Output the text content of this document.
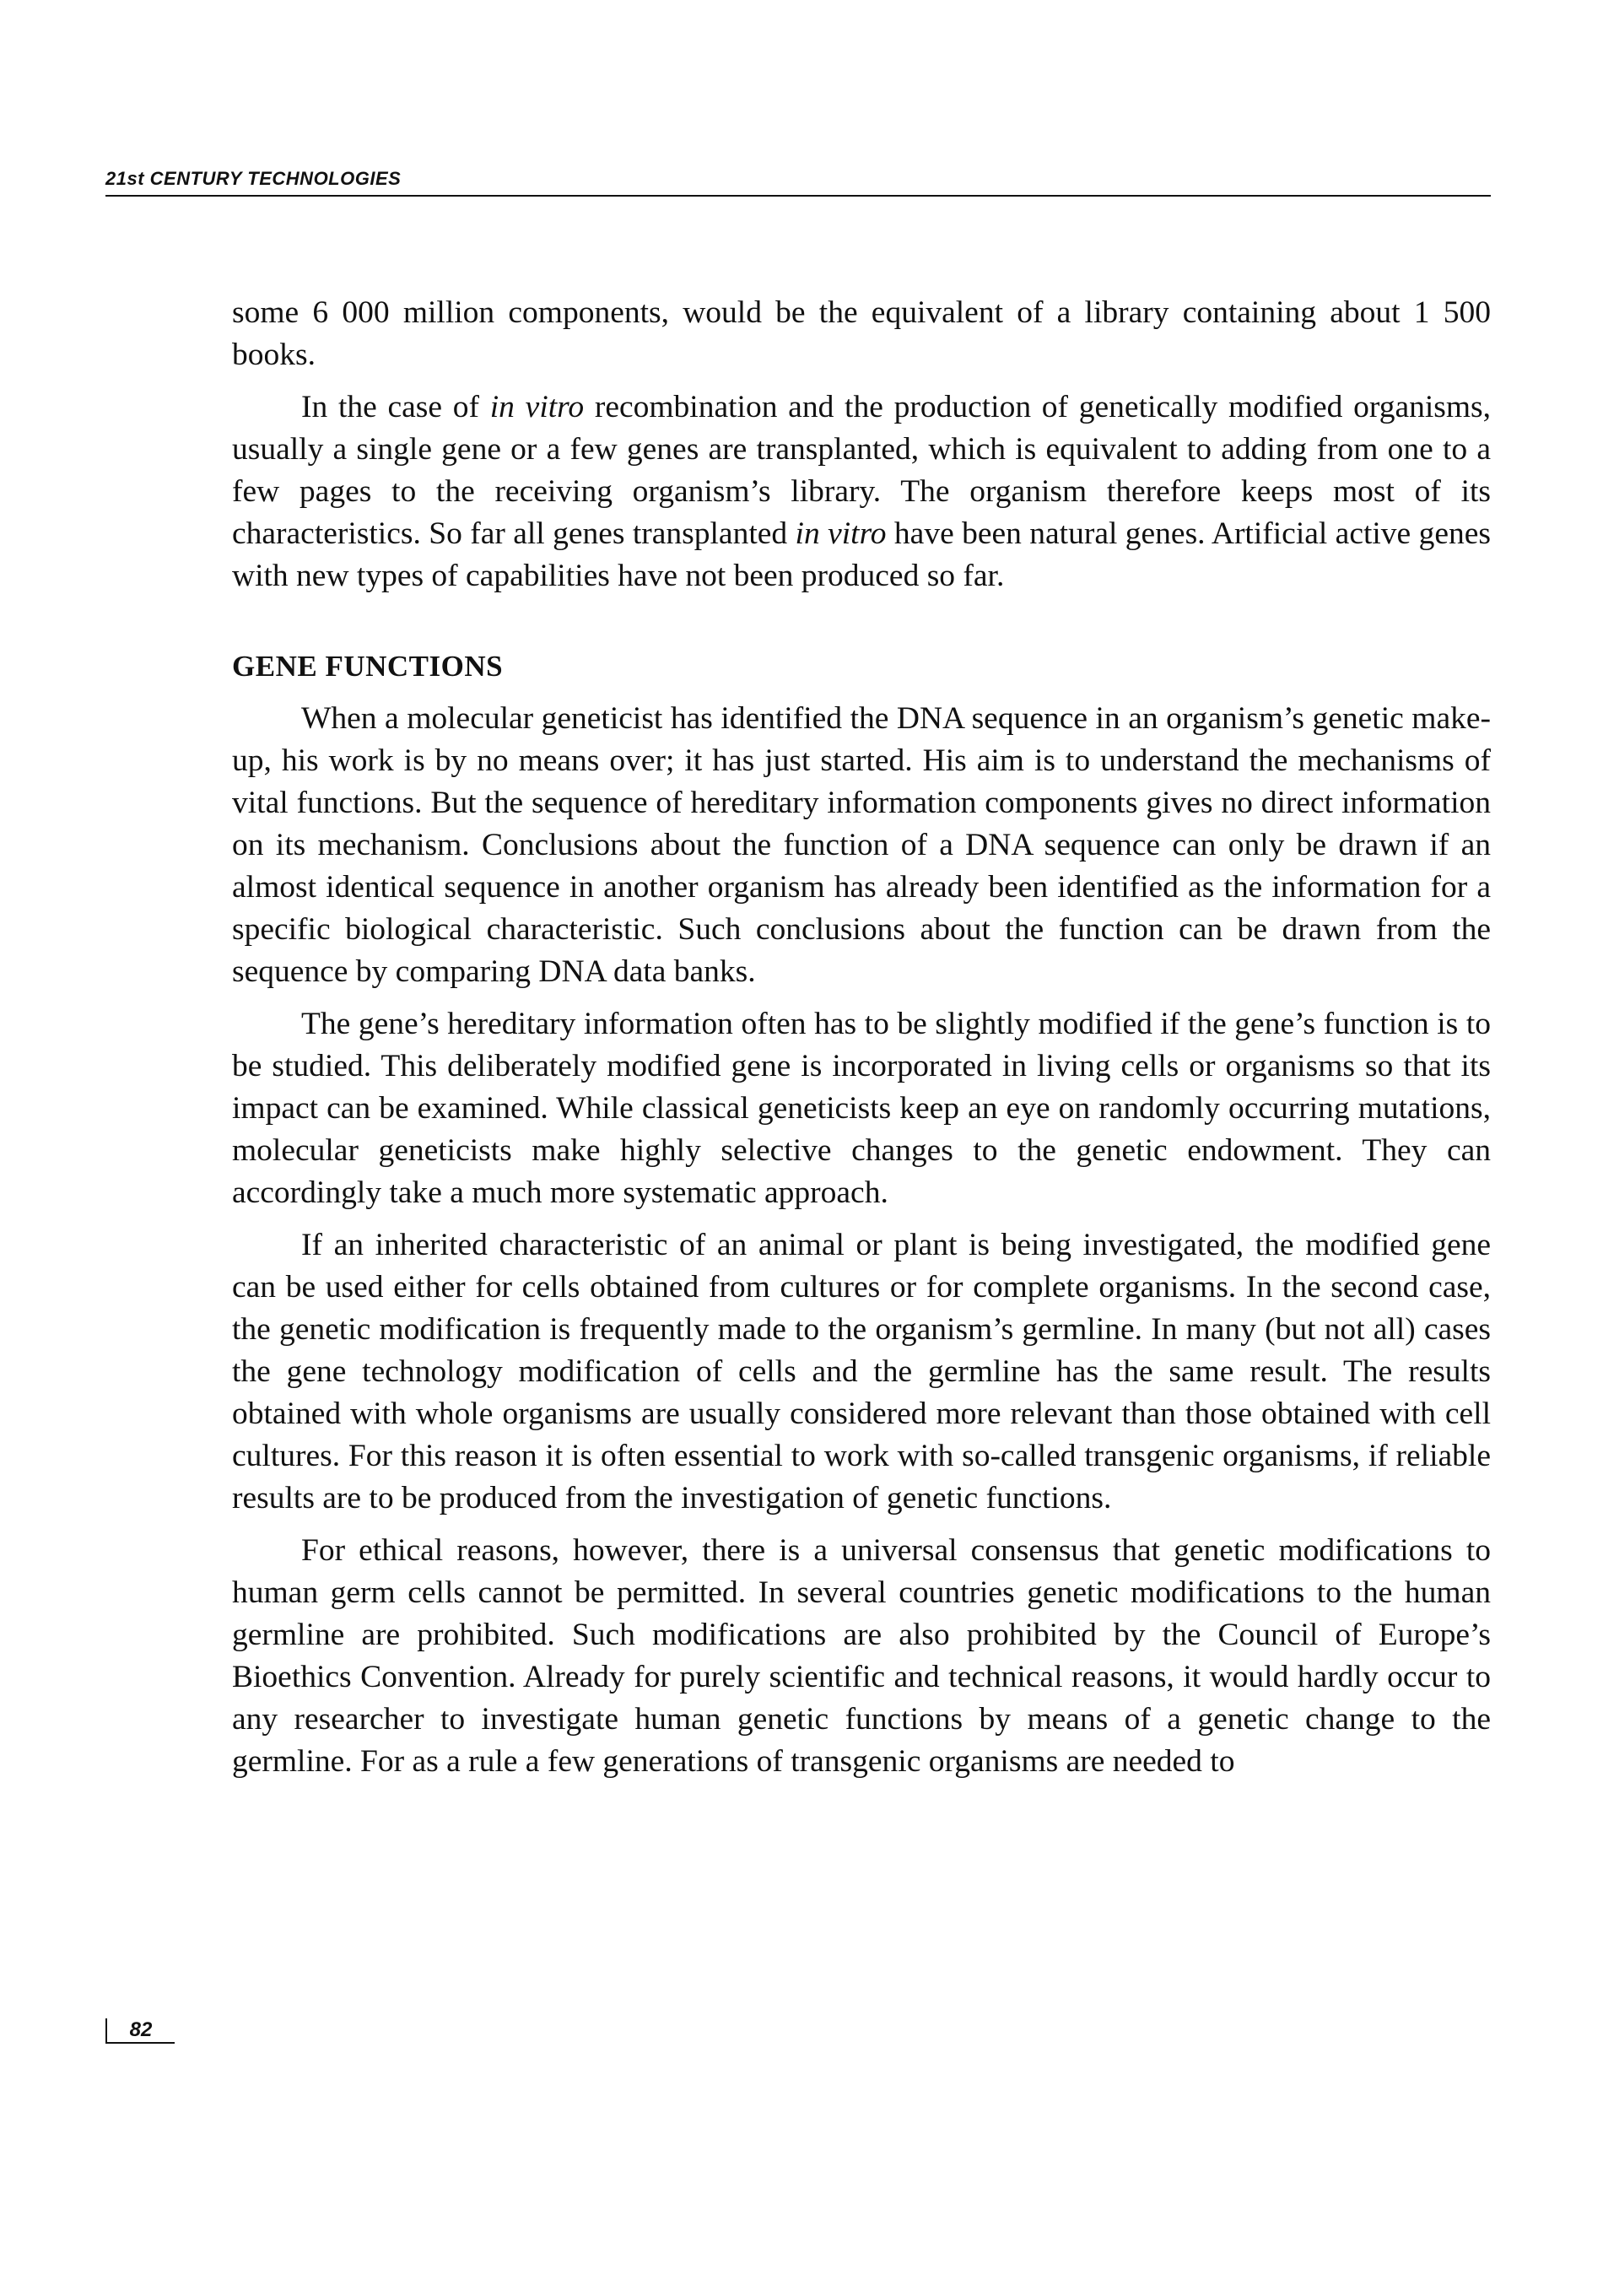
21st CENTURY TECHNOLOGIES

some 6 000 million components, would be the equivalent of a library containing about 1 500 books.

In the case of in vitro recombination and the production of genetically modified organisms, usually a single gene or a few genes are transplanted, which is equivalent to adding from one to a few pages to the receiving organism’s library. The organism therefore keeps most of its characteristics. So far all genes transplanted in vitro have been natural genes. Artificial active genes with new types of capabilities have not been produced so far.

GENE FUNCTIONS

When a molecular geneticist has identified the DNA sequence in an organism’s genetic make-up, his work is by no means over; it has just started. His aim is to understand the mechanisms of vital functions. But the sequence of hereditary information components gives no direct information on its mechanism. Conclusions about the function of a DNA sequence can only be drawn if an almost identical sequence in another organism has already been identified as the information for a specific biological characteristic. Such conclusions about the function can be drawn from the sequence by comparing DNA data banks.

The gene’s hereditary information often has to be slightly modified if the gene’s function is to be studied. This deliberately modified gene is incorporated in living cells or organisms so that its impact can be examined. While classical geneticists keep an eye on randomly occurring mutations, molecular geneticists make highly selective changes to the genetic endowment. They can accordingly take a much more systematic approach.

If an inherited characteristic of an animal or plant is being investigated, the modified gene can be used either for cells obtained from cultures or for complete organisms. In the second case, the genetic modification is frequently made to the organism’s germline. In many (but not all) cases the gene technology modification of cells and the germline has the same result. The results obtained with whole organisms are usually considered more relevant than those obtained with cell cultures. For this reason it is often essential to work with so-called transgenic organisms, if reliable results are to be produced from the investigation of genetic functions.

For ethical reasons, however, there is a universal consensus that genetic modifications to human germ cells cannot be permitted. In several countries genetic modifications to the human germline are prohibited. Such modifications are also prohibited by the Council of Europe’s Bioethics Convention. Already for purely scientific and technical reasons, it would hardly occur to any researcher to investigate human genetic functions by means of a genetic change to the germline. For as a rule a few generations of transgenic organisms are needed to

82
